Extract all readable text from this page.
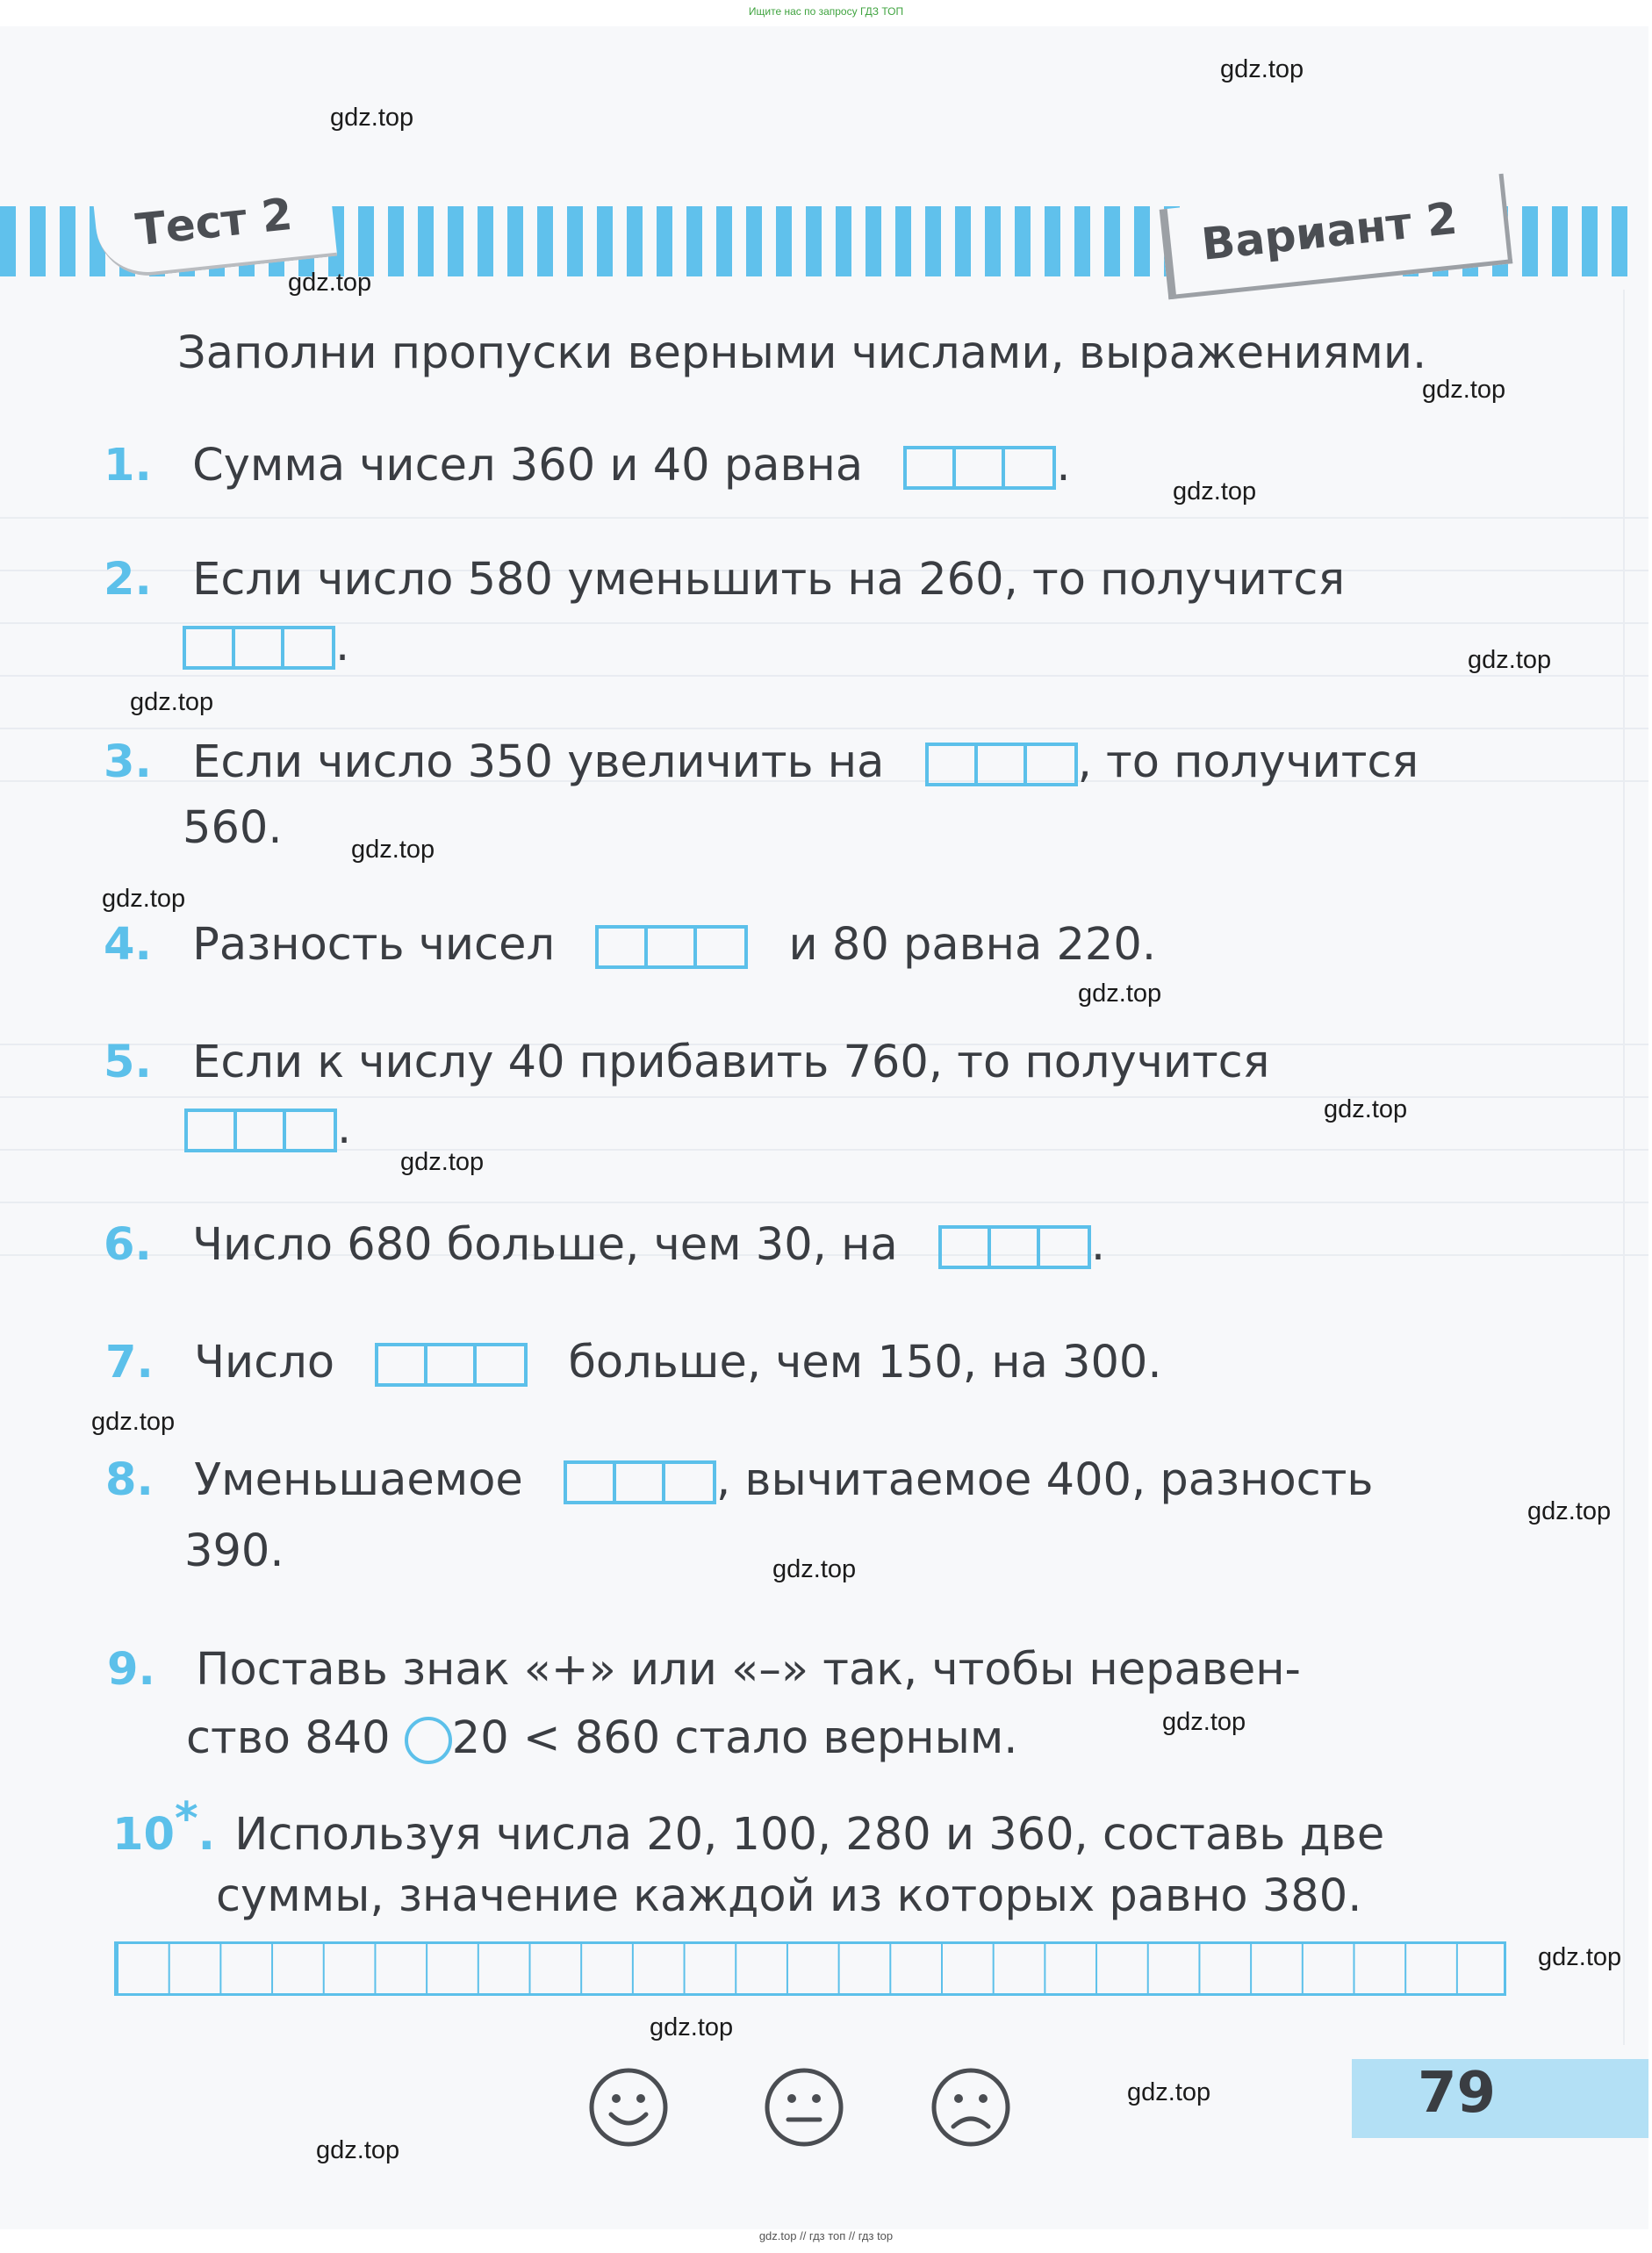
Ищите нас по запросу ГДЗ ТОП
Тест 2	Вариант 2
Заполни пропуски верными числами, выражениями.
1. Сумма чисел 360 и 40 равна	.
2. Если число 580 уменьшить на 260, то получится
.
3. Если число 350 увеличить на	, то получится
560.
4. Разность чисел	и 80 равна 220.
5. Если к числу 40 прибавить 760, то получится
.
6. Число 680 больше, чем 30, на	.
7. Число	больше, чем 150, на 300.
8. Уменьшаемое	, вычитаемое 400, разность
390.
9. Поставь знак «+» или «–» так, чтобы неравен-
ство 840 20 < 860 стало верным.
10*. Используя числа 20, 100, 280 и 360, составь две
суммы, значение каждой из которых равно 380.
79
gdz.top
gdz.top
gdz.top
gdz.top
gdz.top
gdz.top
gdz.top
gdz.top
gdz.top
gdz.top
gdz.top
gdz.top
gdz.top
gdz.top
gdz.top
gdz.top
gdz.top
gdz.top
gdz.top
gdz.top
gdz.top // гдз топ // гдз top
